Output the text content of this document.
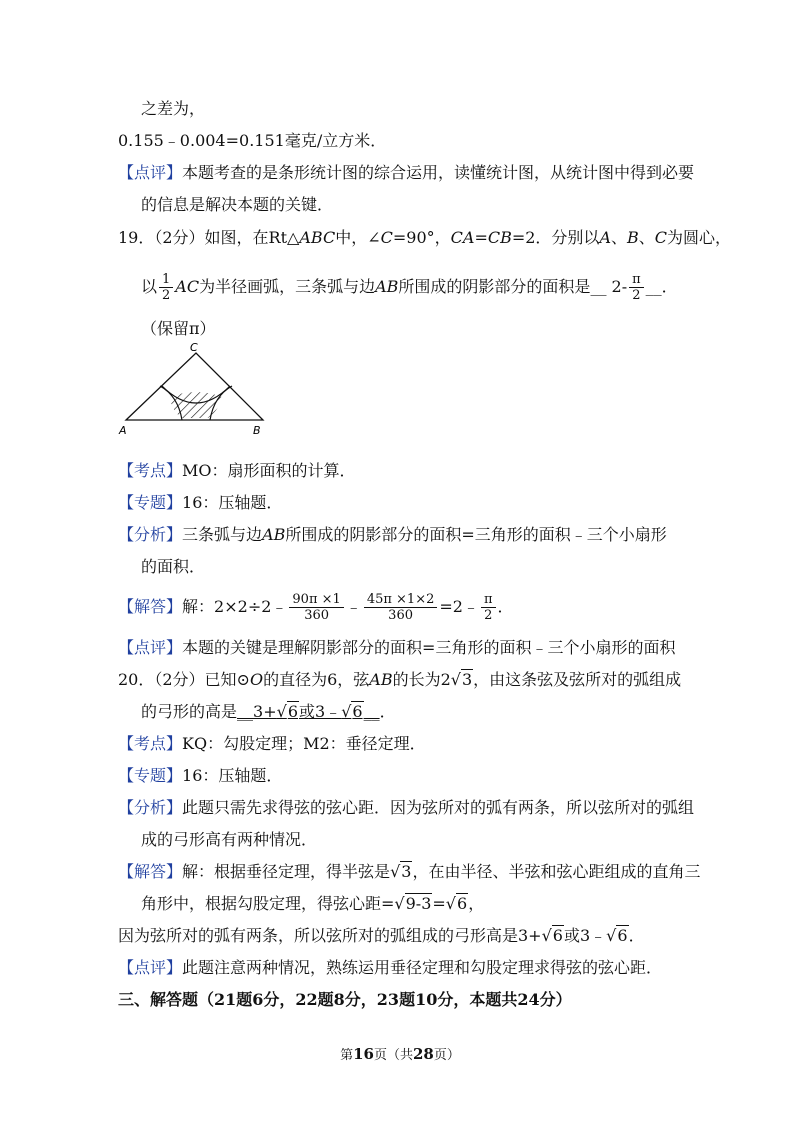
之差为，
0.155﹣0.004=0.151毫克/立方米．
【点评】本题考查的是条形统计图的综合运用，读懂统计图，从统计图中得到必要
的信息是解决本题的关键．
19．（2分）如图，在Rt△ABC中，∠C=90°，CA=CB=2．分别以A、B、C为圆心，
以 $\frac{1}{2}$ AC为半径画弧，三条弧与边AB所围成的阴影部分的面积是__ $2- \frac{\pi}{2}$ __．
（保留π）
C
A	B
【考点】MO：扇形面积的计算．
【专题】16：压轴题．
【分析】三条弧与边AB所围成的阴影部分的面积=三角形的面积﹣三个小扇形
的面积．
【解答】解：2×2÷2﹣ $\frac{90\pi \times 1}{360}$ ﹣ $\frac{45\pi \times 1\times 2}{360}$ =2﹣ $\frac{\pi}{2}$ ．
【点评】本题的关键是理解阴影部分的面积=三角形的面积﹣三个小扇形的面积
20．（2分）已知⊙O的直径为6，弦AB的长为2√3，由这条弦及弦所对的弧组成
的弓形的高是__3+√6或3﹣√6__．
【考点】KQ：勾股定理；M2：垂径定理．
【专题】16：压轴题．
【分析】此题只需先求得弦的弦心距．因为弦所对的弧有两条，所以弦所对的弧组
成的弓形高有两种情况．
【解答】解：根据垂径定理，得半弦是√3，在由半径、半弦和弦心距组成的直角三
角形中，根据勾股定理，得弦心距=√9-3=√6，
因为弦所对的弧有两条，所以弦所对的弧组成的弓形高是3+√6或3﹣√6．
【点评】此题注意两种情况，熟练运用垂径定理和勾股定理求得弦的弦心距．
三、解答题（21题6分，22题8分，23题10分，本题共24分）
第16页（共28页）
